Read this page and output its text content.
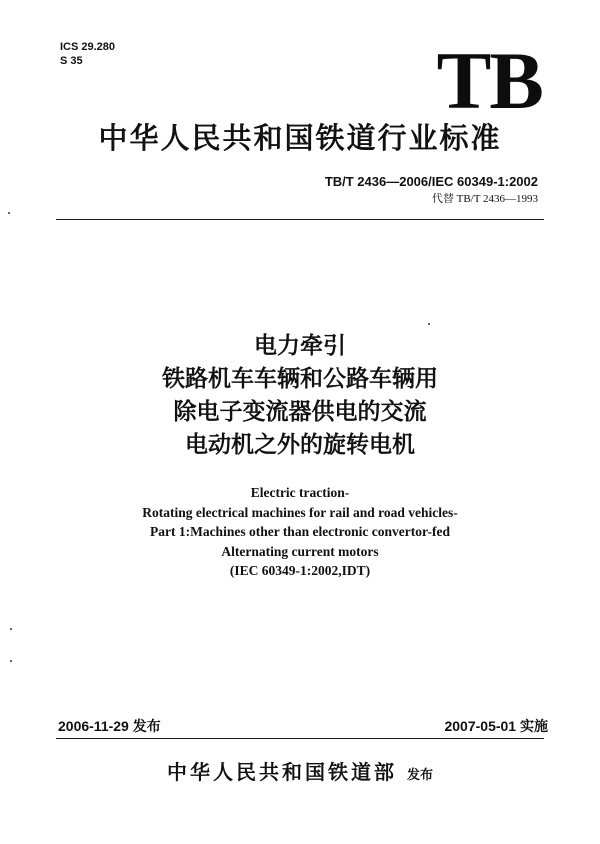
ICS 29.280
S 35	TB
中华人民共和国铁道行业标准
TB/T 2436—2006/IEC 60349-1:2002
代替 TB/T 2436—1993
电力牵引
铁路机车车辆和公路车辆用
除电子变流器供电的交流
电动机之外的旋转电机
Electric traction-
Rotating electrical machines for rail and road vehicles-
Part 1:Machines other than electronic convertor-fed
Alternating current motors
(IEC 60349-1:2002,IDT)
2006-11-29 发布	2007-05-01 实施
中华人民共和国铁道部 发布
